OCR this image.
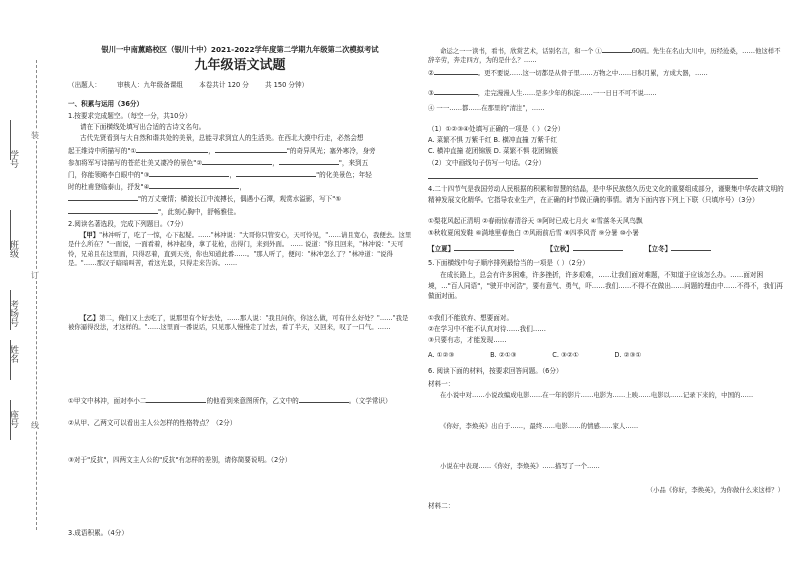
学号
班级
考场号
姓名
座号
装
订
线
银川一中南薰路校区（银川十中）2021-2022学年度第二学期九年级第二次模拟考试
九年级语文试题
（出题人： 审核人：九年级备课组 本卷共计 120 分 共 150 分钟）
一、积累与运用（36分）
1.按要求完成题空。（每空一分，共10分）
请在下面横线处填写出合适的古诗文名句。
古代先贤看到与大自然和谐共处的美景，总能寻求到宜人的生活美。在西北大漠中行走，必然会想
起王维诗中所描写的"①	，	"的奇异风光；塞外寒冷，身旁
参加将军写诗描写的苍茫壮美又凄冷的景色"②	，	"，来到五
门，你能领略李白眼中的"③	，	"的化美景色；年轻
时的杜甫登临泰山，抒发"④	，
"的万丈豪情；横渡长江中流搏长，偶遇小石潭，观赏水溢影，写下"⑤
"，此刻心胸中，舒畅雅佳。
2.阅读名著选段，完成下列题目。（7分）
【甲】"林冲听了，吃了一惊，心下起疑。……"林冲说："大哥你只管安心，天可怜见，"……请且宽心，我便去。这里是什么所在？"一面说，一面看着，林冲起身，拿了花枪，出得门，来到外面。 …… 说道："你且回来，"林冲说："天可怜，兄弟且在这里面，只得忍着，直到天亮，你也知道此番……。"那人听了，便问："林冲怎么了？"林冲道："说得是。"……那汉子暗暗叫苦，看这光景，只得走来告诉。……
【乙】第二，俺们又上去吃了，说那里有个好去处，……那人说："我且问你，你这么做，可有什么好处？"……"我是被你逼得没法，才这样的。"……这里面一番说话，只见那人慢慢走了过去，看了半天，又回来，叹了一口气。……
①甲文中林冲，面对李小二	的他看到来意图所作，乙文中的	。（文学常识）
②从甲、乙两文可以看出主人公怎样的性格特点？（2分）
③对于"反抗"，四两文主人公的"反抗"有怎样的差别，请你简要说明。（2分）
3.成语积累。（4分）
命运之一一读书，看书，欣赏艺术，话别名言，和一个 ①	60码。先生在名山大川中，历经沧桑，……他这样不辞辛劳，奔走四方，为的是什么？……
②	。更不要说……这一切都是从骨子里……万物之中……日积月累，方成大器，……
③	，走完漫漫人生……是多少年的积淀……一一日日不可不说……
④ 一一……都……在那里的"清注"，……
（1）①②③④处填写正确的一项是（ ）（2分）
A. 菜繁不惧 万紫千红 B. 横冲直撞 万紫千红
C. 横冲直撞 花团锦簇 D. 菜繁不惧 花团锦簇
（2）文中画线句子仿写一句话。（2分）
4.二十四节气是我国劳动人民根据的积累和智慧的结晶，是中华民族悠久历史文化的重要组成部分，谨聚集中华农耕文明的精神发展文化精华。它指导农业生产，在正确的时节做正确的事情。请为下面内容下列上下联（只填序号）（3分）
①梨花风起正清明 ②春雨惊春清谷天 ③阿时已成七月火 ④雪落冬天风鸟飘
⑤秋收夏闲发鞋 ⑥满地里春鱼白 ⑦风雨前后雪 ⑧四季风青 ⑨分暑 ⑩小暑
【立夏】	【立秋】	【立冬】
5.下面横线中句子顺序排列最恰当的一项是（ ）（2分）
在成长路上，总会有许多困难，许多挫折，许多艰难，……让我们面对难题，不知道于应该怎么办。……面对困境，…"百人同语"，"驶开申河浩"，要有意气、勇气，吓……我们……不得不在做出……问题的理由中……不得不，我们再做面对面。
①我们不能放弃、想要面对。
②在学习中不能不认真对待……我们……
③只要有志，才能发现……
A. ①②③	B. ②①③	C. ③②①	D. ②③①
6. 阅读下面的材料，按要求回答问题。（6分）
材料一：
在小说中对……小说改编成电影……在一年的影片……电影为……上映……电影以……记录下来的，中国的……
《你好，李焕英》出自于……，最终……电影……的情感……家人……
小说在中表现……《你好，李焕英》……描写了一个……
（小品《你好，李焕英》，为你做什么来这样？）
材料二：
